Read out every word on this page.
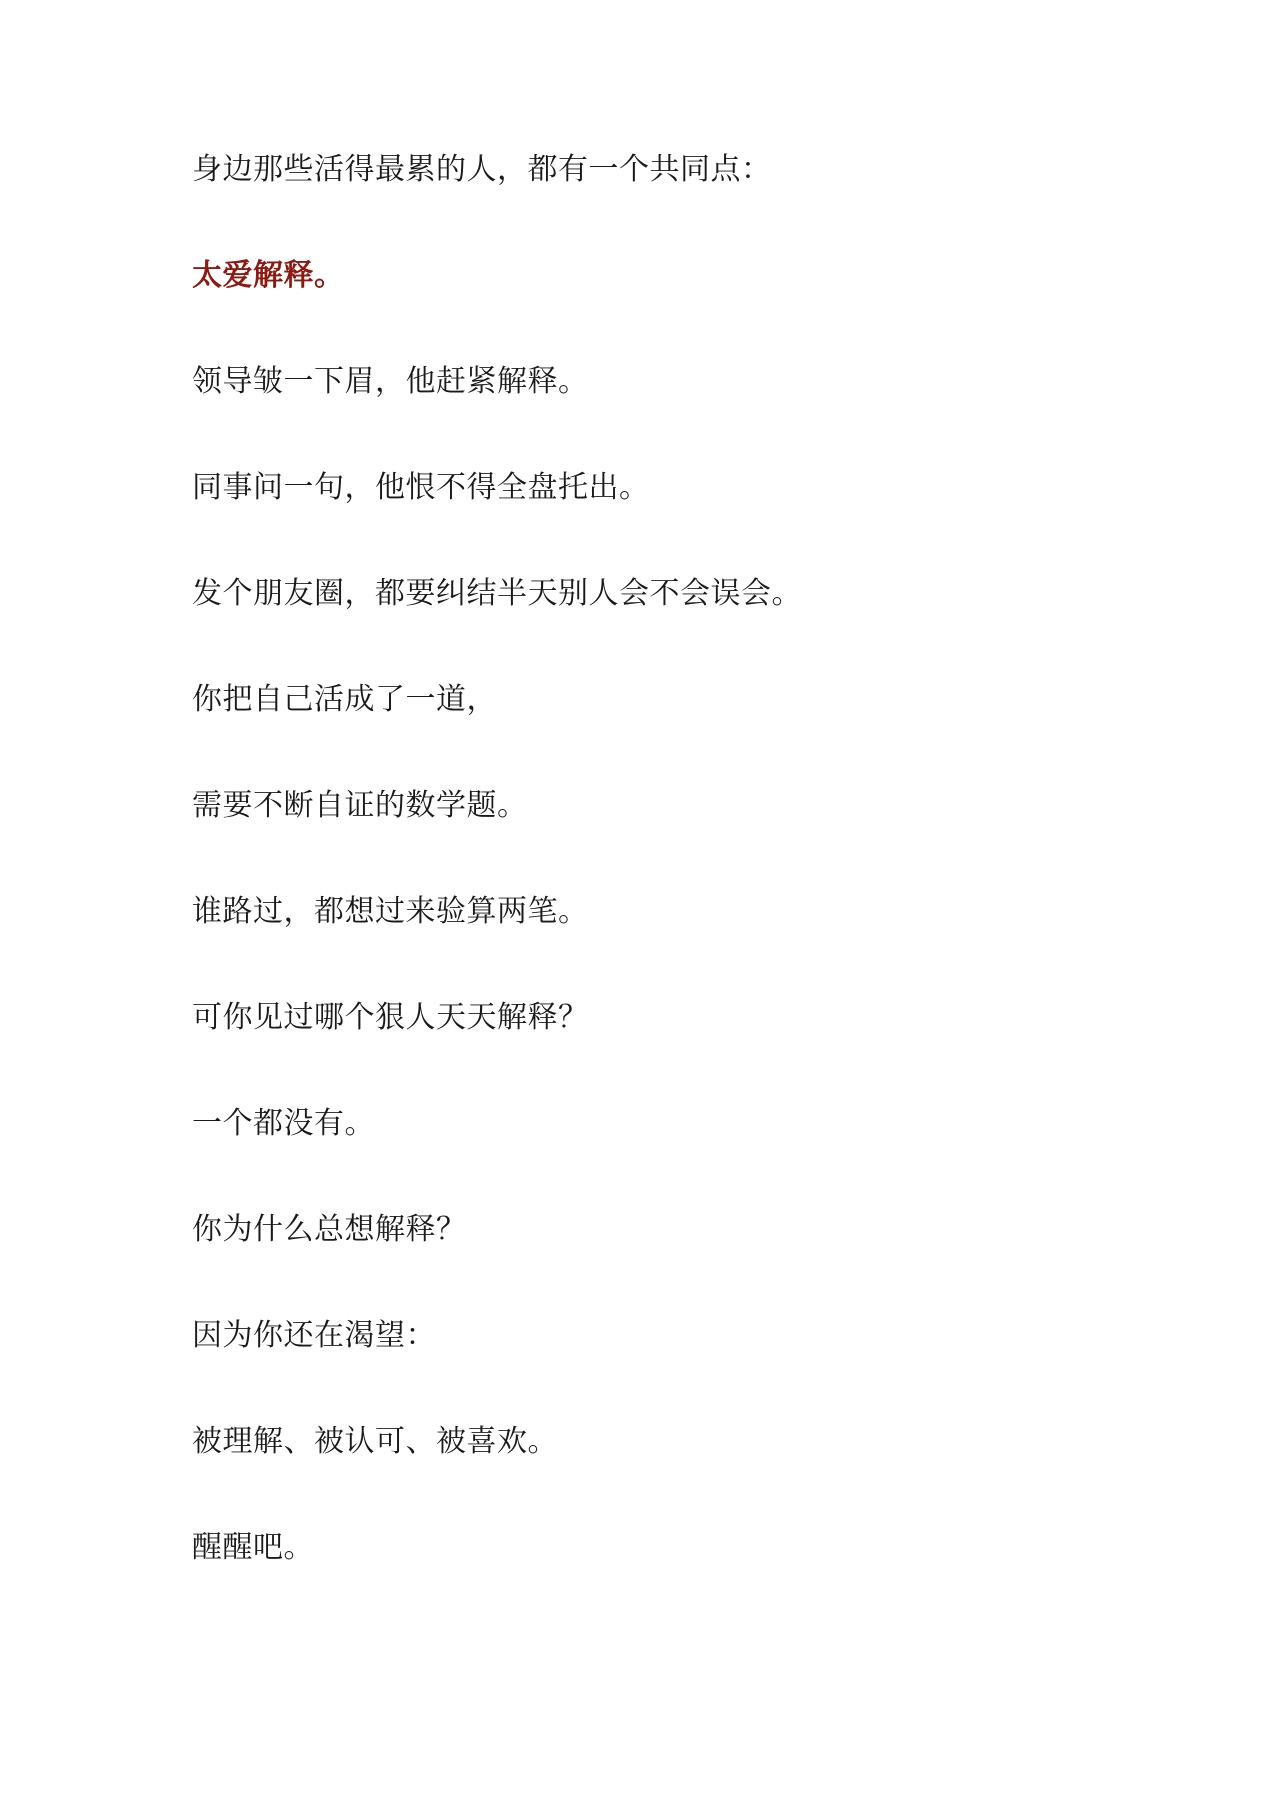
身边那些活得最累的人，都有一个共同点：

太爱解释。

领导皱一下眉，他赶紧解释。

同事问一句，他恨不得全盘托出。

发个朋友圈，都要纠结半天别人会不会误会。

你把自己活成了一道，

需要不断自证的数学题。

谁路过，都想过来验算两笔。

可你见过哪个狠人天天解释？

一个都没有。

你为什么总想解释？

因为你还在渴望：

被理解、被认可、被喜欢。

醒醒吧。
